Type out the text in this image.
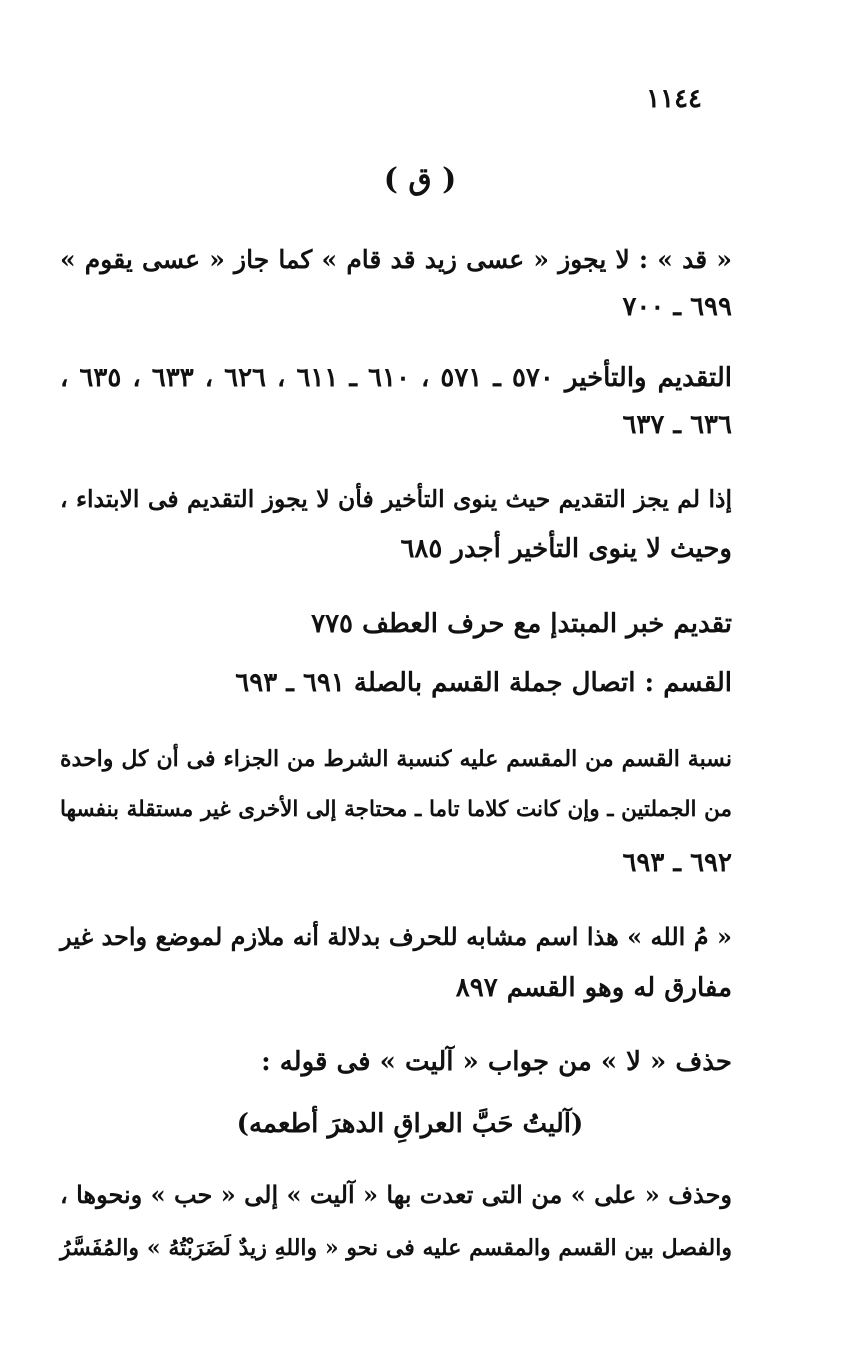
١١٤٤
( ق )
« قد » : لا يجوز « عسى زيد قد قام » كما جاز « عسى يقوم »
٦٩٩ ـ ٧٠٠
التقديم والتأخير ٥٧٠ ـ ٥٧١ ، ٦١٠ ـ ٦١١ ، ٦٢٦ ، ٦٣٣ ، ٦٣٥ ،
٦٣٦ ـ ٦٣٧
إذا لم يجز التقديم حيث ينوى التأخير فأن لا يجوز التقديم فى الابتداء ،
وحيث لا ينوى التأخير أجدر ٦٨٥
تقديم خبر المبتدإ مع حرف العطف ٧٧٥
القسم : اتصال جملة القسم بالصلة ٦٩١ ـ ٦٩٣
نسبة القسم من المقسم عليه كنسبة الشرط من الجزاء فى أن كل واحدة
من الجملتين ـ وإن كانت كلاما تاما ـ محتاجة إلى الأخرى غير مستقلة بنفسها
٦٩٢ ـ ٦٩٣
« مُ الله » هذا اسم مشابه للحرف بدلالة أنه ملازم لموضع واحد غير
مفارق له وهو القسم ٨٩٧
حذف « لا » من جواب « آليت » فى قوله :
(آليتُ حَبَّ العراقِ الدهرَ أطعمه)
وحذف « على » من التى تعدت بها « آليت » إلى « حب » ونحوها ،
والفصل بين القسم والمقسم عليه فى نحو « واللهِ زيدٌ لَضَرَبْتُهُ » والمُفَسَّرُ
